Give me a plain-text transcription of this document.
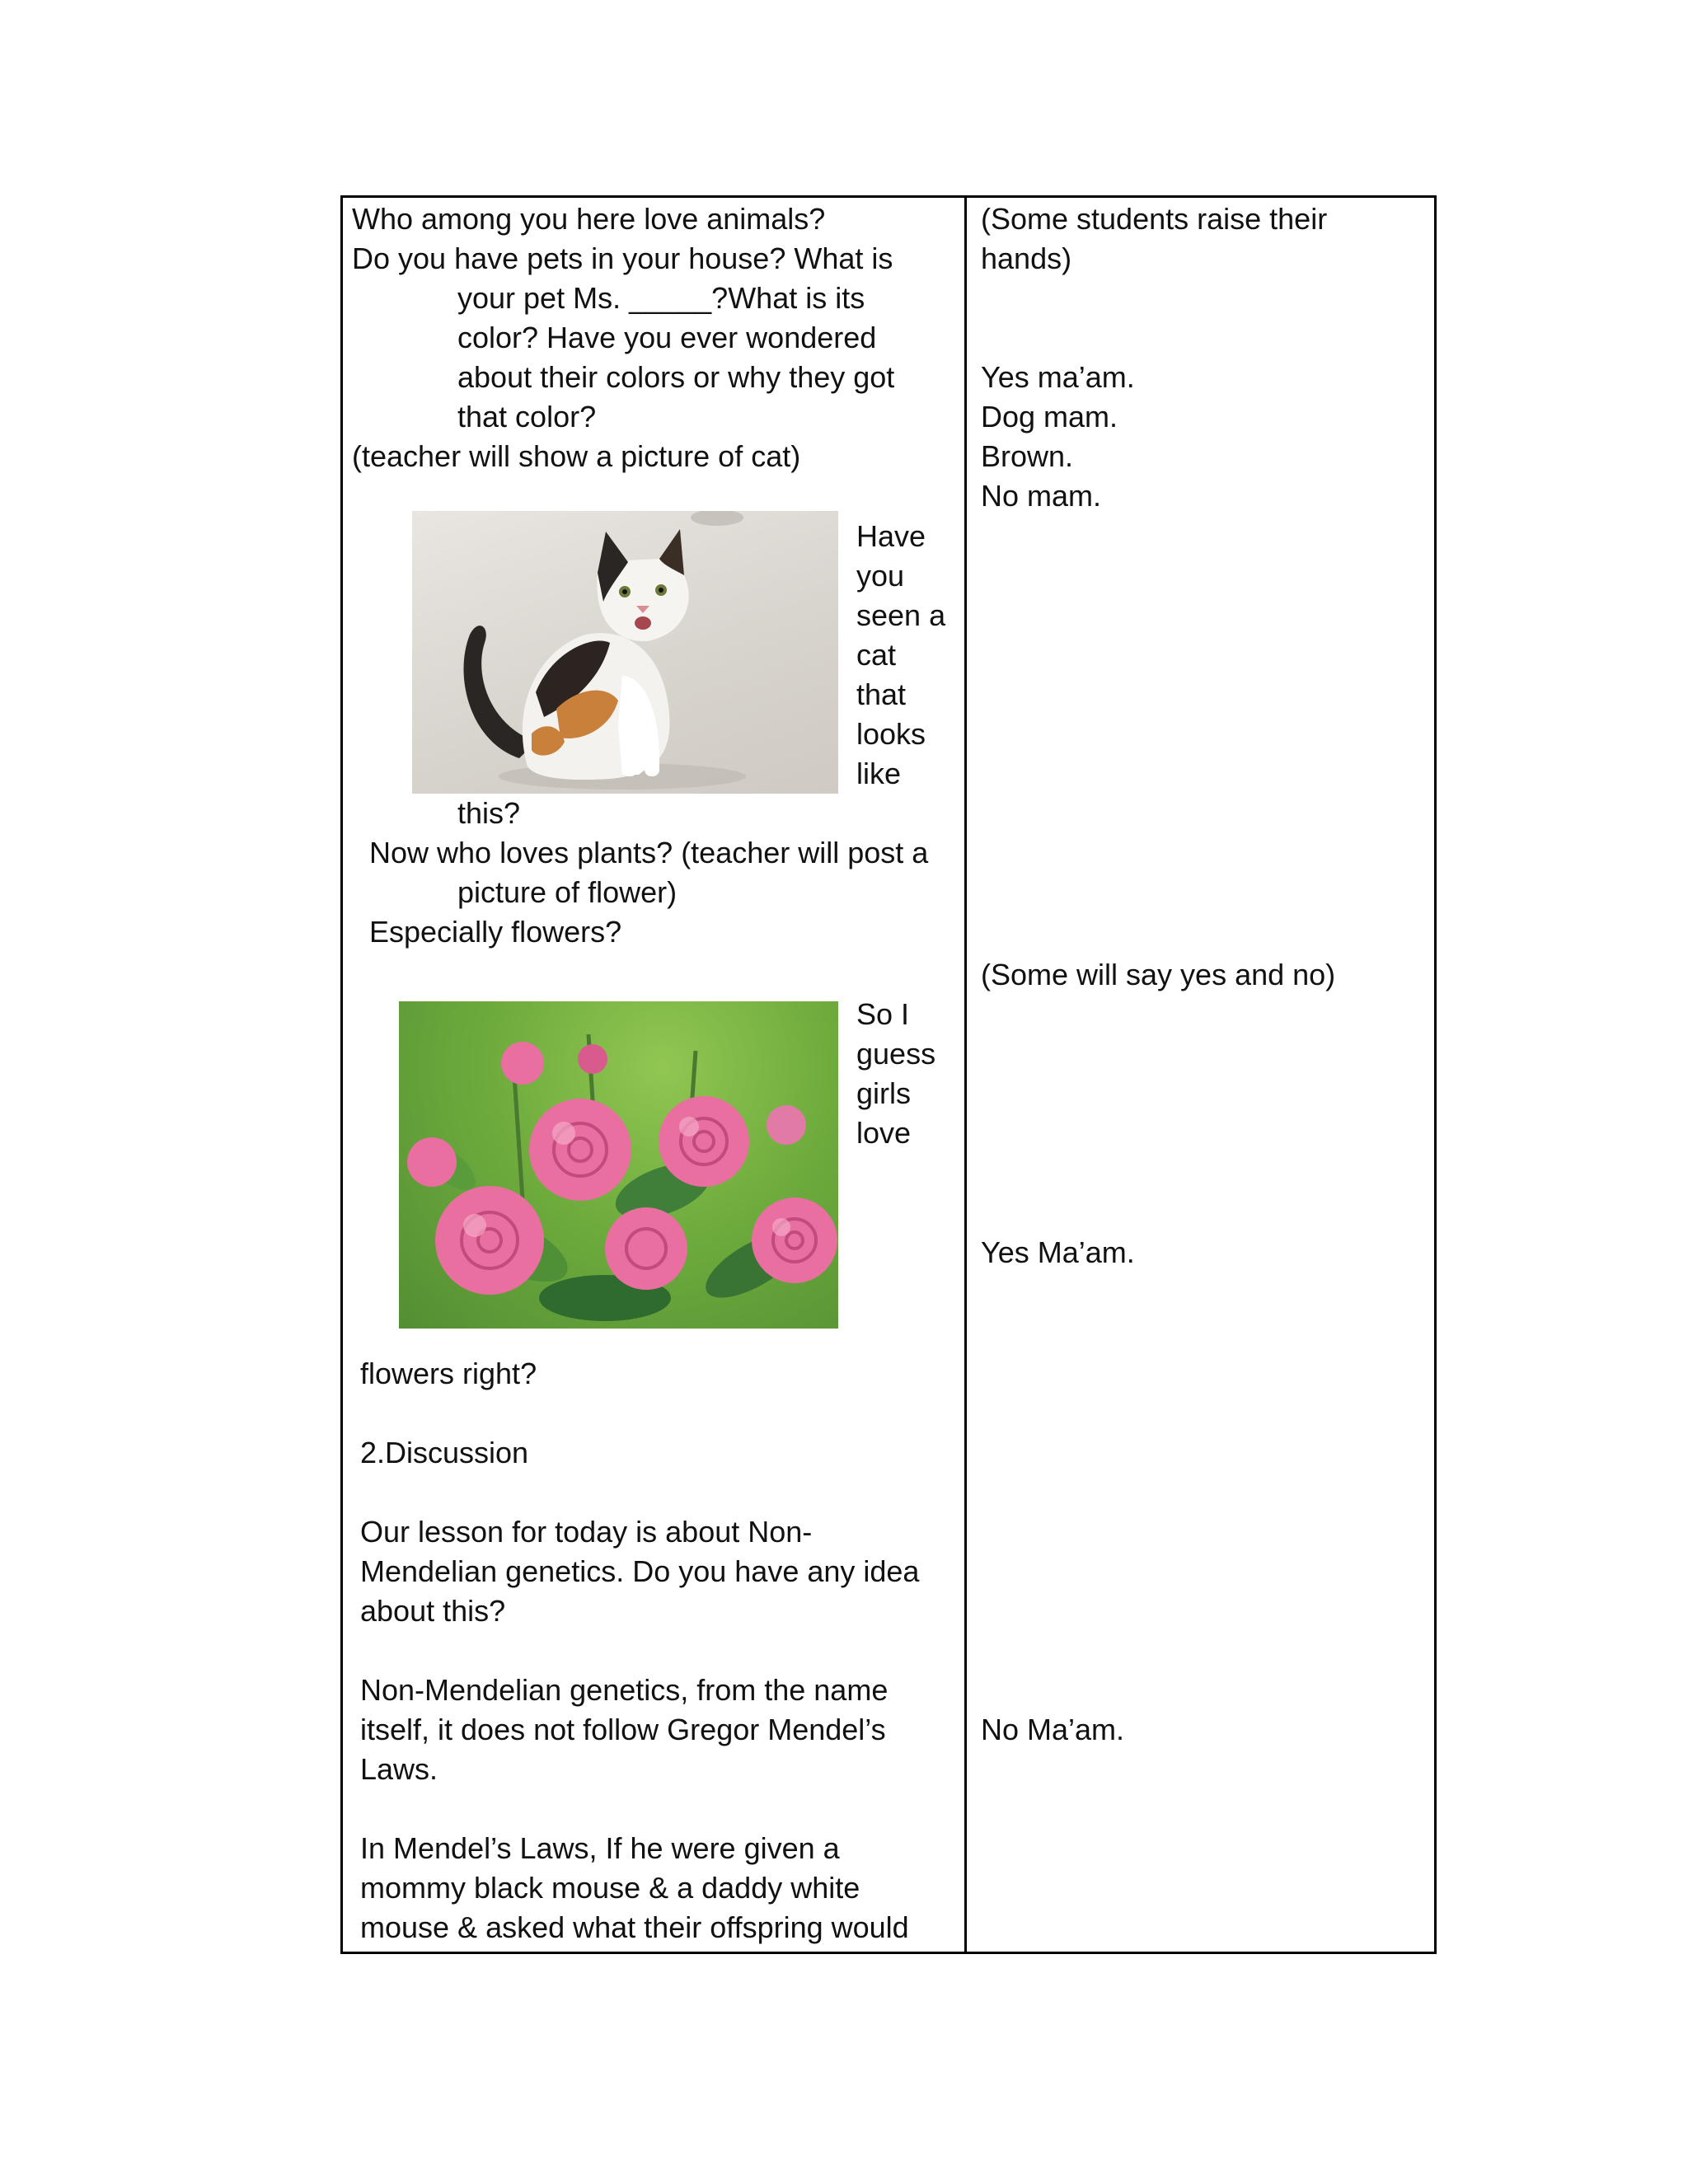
Who among you here love animals?
Do you have pets in your house? What is
your pet Ms. _____?What is its
color? Have you ever wondered
about their colors or why they got
that color?
(teacher will show a picture of cat)
Have
you
seen a
cat
that
looks
like
this?
Now who loves plants? (teacher will post a
picture of flower)
Especially flowers?
So I
guess
girls
love
flowers right?
2.Discussion
Our lesson for today is about Non-
Mendelian genetics. Do you have any idea
about this?
Non-Mendelian genetics, from the name
itself, it does not follow Gregor Mendel’s
Laws.
In Mendel’s Laws, If he were given a
mommy black mouse & a daddy white
mouse & asked what their offspring would
(Some students raise their
hands)
Yes ma’am.
Dog mam.
Brown.
No mam.
(Some will say yes and no)
Yes Ma’am.
No Ma’am.
